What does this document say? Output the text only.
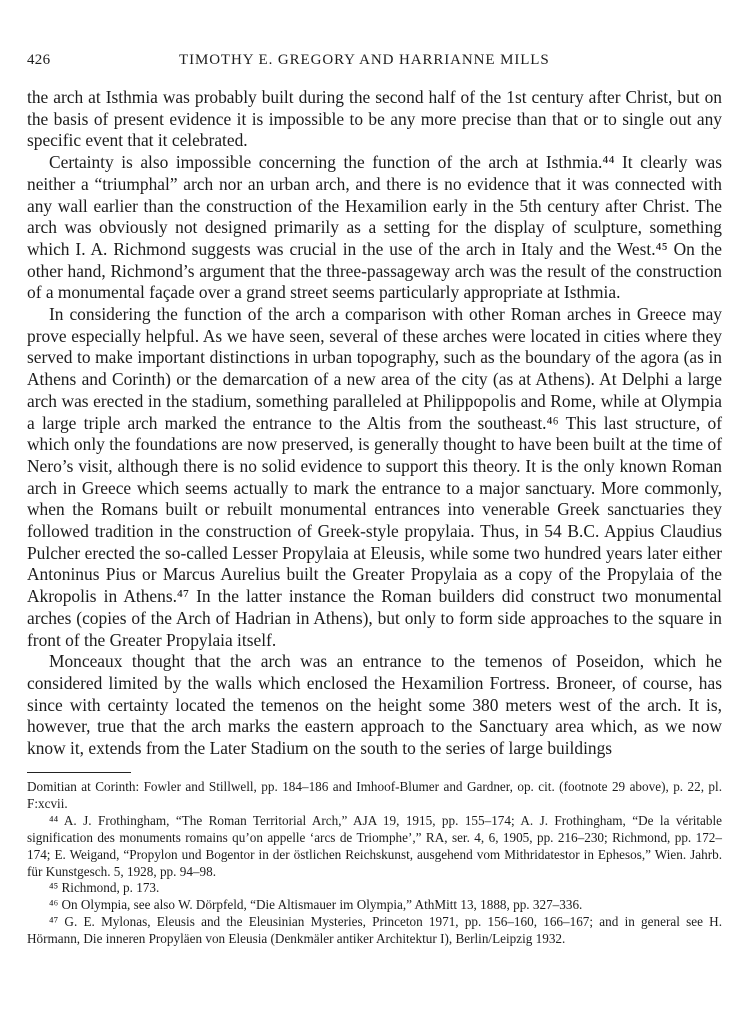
426	TIMOTHY E. GREGORY AND HARRIANNE MILLS

the arch at Isthmia was probably built during the second half of the 1st century after Christ, but on the basis of present evidence it is impossible to be any more precise than that or to single out any specific event that it celebrated.

Certainty is also impossible concerning the function of the arch at Isthmia.⁴⁴ It clearly was neither a “triumphal” arch nor an urban arch, and there is no evidence that it was connected with any wall earlier than the construction of the Hexamilion early in the 5th century after Christ. The arch was obviously not designed primarily as a setting for the display of sculpture, something which I. A. Richmond suggests was crucial in the use of the arch in Italy and the West.⁴⁵ On the other hand, Richmond’s argument that the three-passageway arch was the result of the construction of a monumental façade over a grand street seems particularly appropriate at Isthmia.

In considering the function of the arch a comparison with other Roman arches in Greece may prove especially helpful. As we have seen, several of these arches were located in cities where they served to make important distinctions in urban topography, such as the boundary of the agora (as in Athens and Corinth) or the demarcation of a new area of the city (as at Athens). At Delphi a large arch was erected in the stadium, something paralleled at Philippopolis and Rome, while at Olympia a large triple arch marked the entrance to the Altis from the southeast.⁴⁶ This last structure, of which only the foundations are now preserved, is generally thought to have been built at the time of Nero’s visit, although there is no solid evidence to support this theory. It is the only known Roman arch in Greece which seems actually to mark the entrance to a major sanctuary. More commonly, when the Romans built or rebuilt monumental entrances into venerable Greek sanctuaries they followed tradition in the construction of Greek-style propylaia. Thus, in 54 B.C. Appius Claudius Pulcher erected the so-called Lesser Propylaia at Eleusis, while some two hundred years later either Antoninus Pius or Marcus Aurelius built the Greater Propylaia as a copy of the Propylaia of the Akropolis in Athens.⁴⁷ In the latter instance the Roman builders did construct two monumental arches (copies of the Arch of Hadrian in Athens), but only to form side approaches to the square in front of the Greater Propylaia itself.

Monceaux thought that the arch was an entrance to the temenos of Poseidon, which he considered limited by the walls which enclosed the Hexamilion Fortress. Broneer, of course, has since with certainty located the temenos on the height some 380 meters west of the arch. It is, however, true that the arch marks the eastern approach to the Sanctuary area which, as we now know it, extends from the Later Stadium on the south to the series of large buildings

Domitian at Corinth: Fowler and Stillwell, pp. 184–186 and Imhoof-Blumer and Gardner, op. cit. (footnote 29 above), p. 22, pl. F:xcvii.

⁴⁴ A. J. Frothingham, “The Roman Territorial Arch,” AJA 19, 1915, pp. 155–174; A. J. Frothingham, “De la véritable signification des monuments romains qu’on appelle ‘arcs de Triomphe’,” RA, ser. 4, 6, 1905, pp. 216–230; Richmond, pp. 172–174; E. Weigand, “Propylon und Bogentor in der östlichen Reichskunst, ausgehend vom Mithridatestor in Ephesos,” Wien. Jahrb. für Kunstgesch. 5, 1928, pp. 94–98.

⁴⁵ Richmond, p. 173.

⁴⁶ On Olympia, see also W. Dörpfeld, “Die Altismauer im Olympia,” AthMitt 13, 1888, pp. 327–336.

⁴⁷ G. E. Mylonas, Eleusis and the Eleusinian Mysteries, Princeton 1971, pp. 156–160, 166–167; and in general see H. Hörmann, Die inneren Propyläen von Eleusia (Denkmäler antiker Architektur I), Berlin/Leipzig 1932.
